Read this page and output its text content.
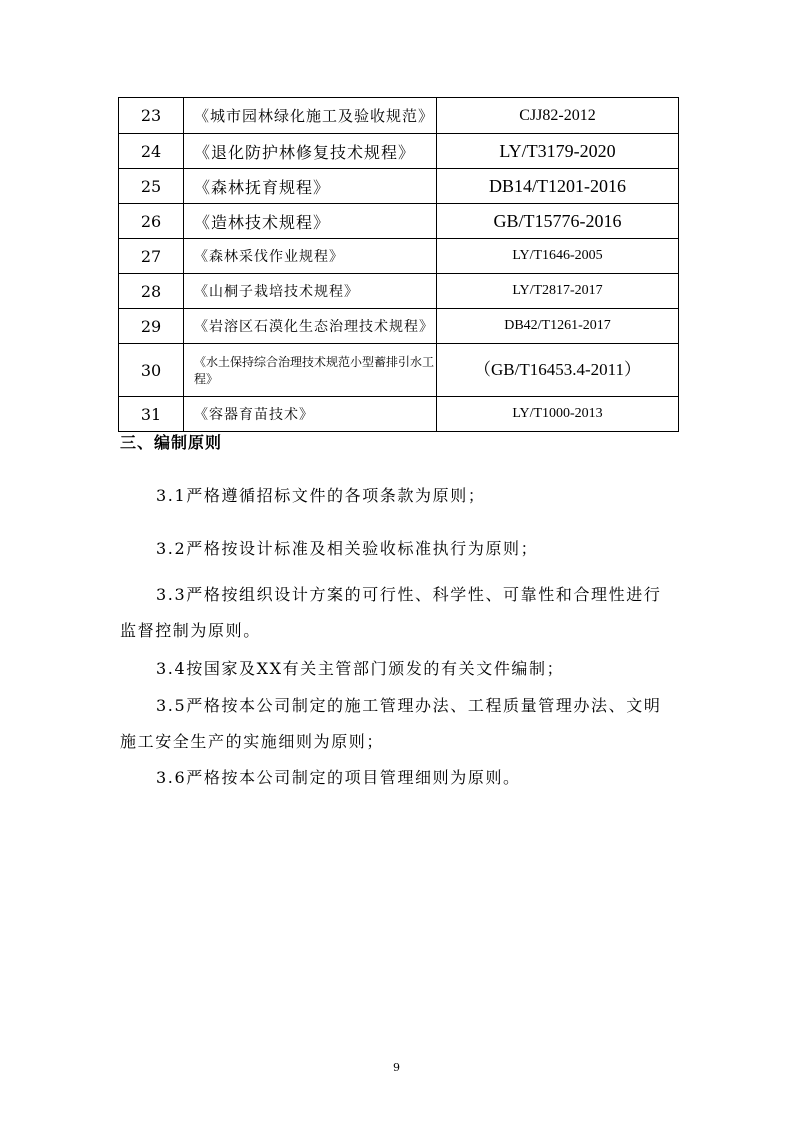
23	《城市园林绿化施工及验收规范》	CJJ82-2012
24	《退化防护林修复技术规程》	LY/T3179-2020
25	《森林抚育规程》	DB14/T1201-2016
26	《造林技术规程》	GB/T15776-2016
27	《森林采伐作业规程》	LY/T1646-2005
28	《山桐子栽培技术规程》	LY/T2817-2017
29	《岩溶区石漠化生态治理技术规程》	DB42/T1261-2017
30	《水土保持综合治理技术规范小型蓄排引水工程》	（GB/T16453.4-2011）
31	《容器育苗技术》	LY/T1000-2013
三、编制原则

3.1严格遵循招标文件的各项条款为原则；

3.2严格按设计标准及相关验收标准执行为原则；

3.3严格按组织设计方案的可行性、科学性、可靠性和合理性进行监督控制为原则。

3.4按国家及XX有关主管部门颁发的有关文件编制；

3.5严格按本公司制定的施工管理办法、工程质量管理办法、文明施工安全生产的实施细则为原则；

3.6严格按本公司制定的项目管理细则为原则。

9
